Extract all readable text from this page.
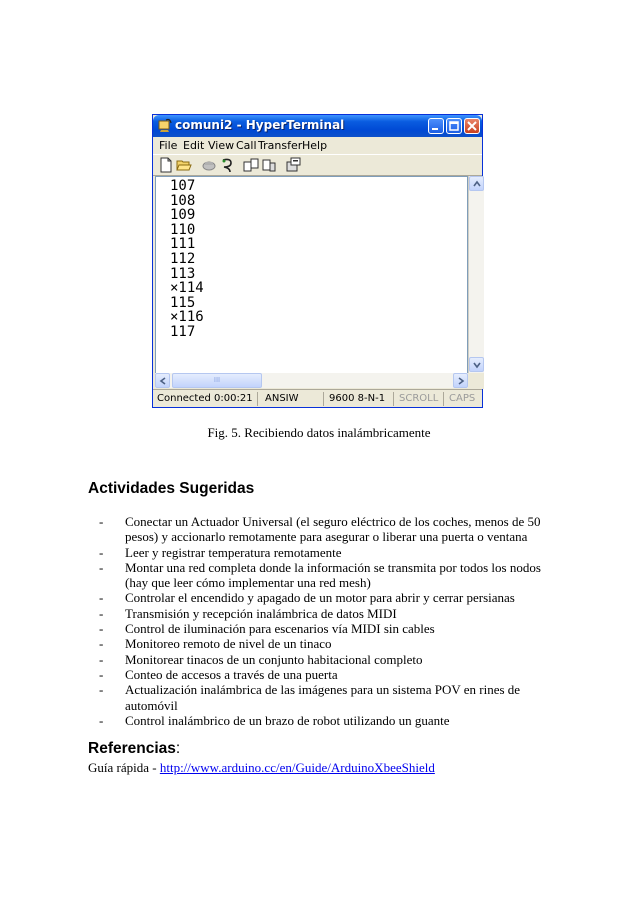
comuni2 - HyperTerminal
File Edit View Call Transfer Help
107
108
109
110
111
112
113
×114
115
×116
117
III
Connected 0:00:21 ANSIW	9600 8-N-1 SCROLL CAPS
Fig. 5. Recibiendo datos inalámbricamente
Actividades Sugeridas
- Conectar un Actuador Universal (el seguro eléctrico de los coches, menos de 50 pesos) y accionarlo remotamente para asegurar o liberar una puerta o ventana
- Leer y registrar temperatura remotamente
- Montar una red completa donde la información se transmita por todos los nodos (hay que leer cómo implementar una red mesh)
- Controlar el encendido y apagado de un motor para abrir y cerrar persianas
- Transmisión y recepción inalámbrica de datos MIDI
- Control de iluminación para escenarios vía MIDI sin cables
- Monitoreo remoto de nivel de un tinaco
- Monitorear tinacos de un conjunto habitacional completo
- Conteo de accesos a través de una puerta
- Actualización inalámbrica de las imágenes para un sistema POV en rines de automóvil
- Control inalámbrico de un brazo de robot utilizando un guante
Referencias:
Guía rápida - http://www.arduino.cc/en/Guide/ArduinoXbeeShield
